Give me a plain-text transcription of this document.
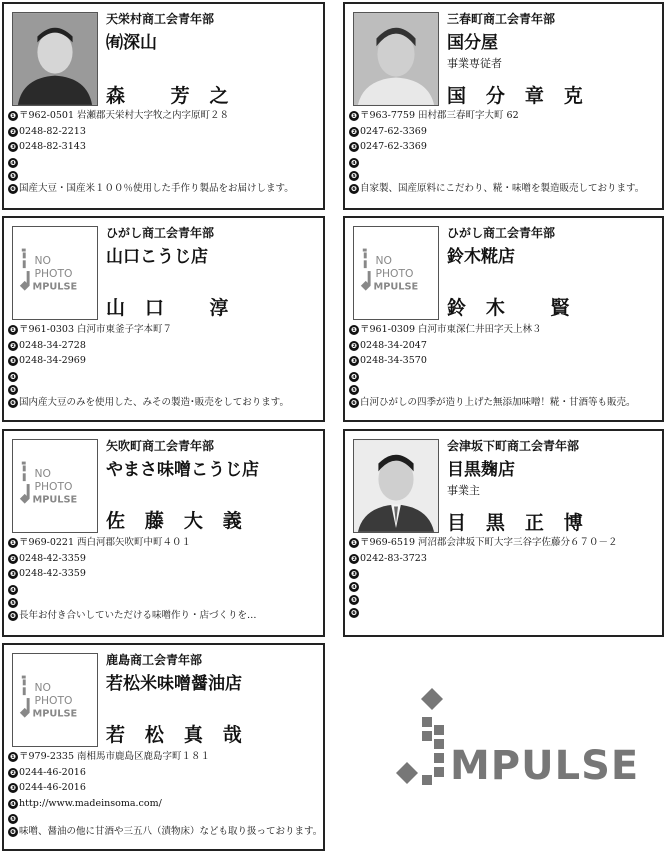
天栄村商工会青年部
㈲深山
森　 芳 之
❶ 〒962-0501 岩瀬郡天栄村大字牧之内字原町２８
❷ 0248-82-2213
❸ 0248-82-3143
❹
❺
❻ 国産大豆・国産米１００％使用した手作り製品をお届けします。
三春町商工会青年部
国分屋
事業専従者
国 分 章 克
❶ 〒963-7759 田村郡三春町字大町 62
❷ 0247-62-3369
❸ 0247-62-3369
❹
❺
❻ 自家製、国産原料にこだわり、糀・味噌を製造販売しております。
NO
PHOTO
MPULSE
ひがし商工会青年部
山口こうじ店
山 口　 淳
❶ 〒961-0303 白河市東釜子字本町７
❷ 0248-34-2728
❸ 0248-34-2969
❹
❺
❻ 国内産大豆のみを使用した、みその製造･販売をしております。
NO
PHOTO
MPULSE
ひがし商工会青年部
鈴木糀店
鈴 木　 賢
❶ 〒961-0309 白河市東深仁井田字天上林３
❷ 0248-34-2047
❸ 0248-34-3570
❹
❺
❻ 白河ひがしの四季が造り上げた無添加味噌！糀・甘酒等も販売。
NO
PHOTO
MPULSE
矢吹町商工会青年部
やまさ味噌こうじ店
佐 藤 大 義
❶ 〒969-0221 西白河郡矢吹町中町４０１
❷ 0248-42-3359
❸ 0248-42-3359
❹
❺
❻ 長年お付き合いしていただける味噌作り・店づくりを…
会津坂下町商工会青年部
目黒麹店
事業主
目 黒 正 博
❶ 〒969-6519 河沼郡会津坂下町大字三谷字佐藤分６７０－２
❷ 0242-83-3723
❸
❹
❺
❻
NO
PHOTO
MPULSE
鹿島商工会青年部
若松米味噌醤油店
若 松 真 哉
❶ 〒979-2335 南相馬市鹿島区鹿島字町１８１
❷ 0244-46-2016
❸ 0244-46-2016
❹ http://www.madeinsoma.com/
❺
❻ 味噌、醤油の他に甘酒や三五八（漬物床）なども取り扱っております。
MPULSE
